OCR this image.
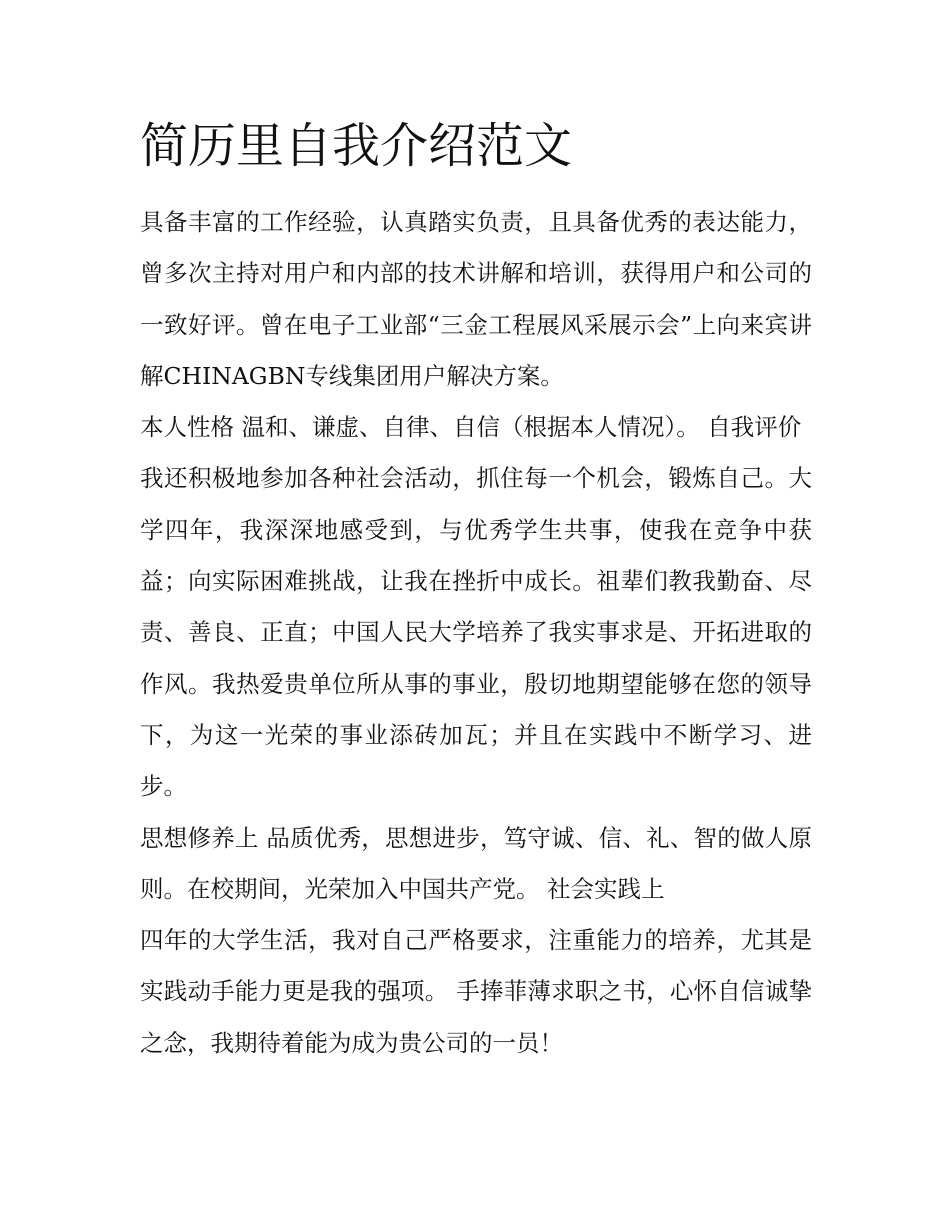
简历里自我介绍范文

具备丰富的工作经验，认真踏实负责，且具备优秀的表达能力，曾多次主持对用户和内部的技术讲解和培训，获得用户和公司的一致好评。曾在电子工业部“三金工程展风采展示会”上向来宾讲解CHINAGBN专线集团用户解决方案。

本人性格 温和、谦虚、自律、自信（根据本人情况）。 自我评价

我还积极地参加各种社会活动，抓住每一个机会，锻炼自己。大学四年，我深深地感受到，与优秀学生共事，使我在竞争中获益；向实际困难挑战，让我在挫折中成长。祖辈们教我勤奋、尽责、善良、正直；中国人民大学培养了我实事求是、开拓进取的作风。我热爱贵单位所从事的事业，殷切地期望能够在您的领导下，为这一光荣的事业添砖加瓦；并且在实践中不断学习、进步。

思想修养上 品质优秀，思想进步，笃守诚、信、礼、智的做人原则。在校期间，光荣加入中国共产党。 社会实践上

四年的大学生活，我对自己严格要求，注重能力的培养，尤其是实践动手能力更是我的强项。 手捧菲薄求职之书，心怀自信诚挚之念，我期待着能为成为贵公司的一员！
